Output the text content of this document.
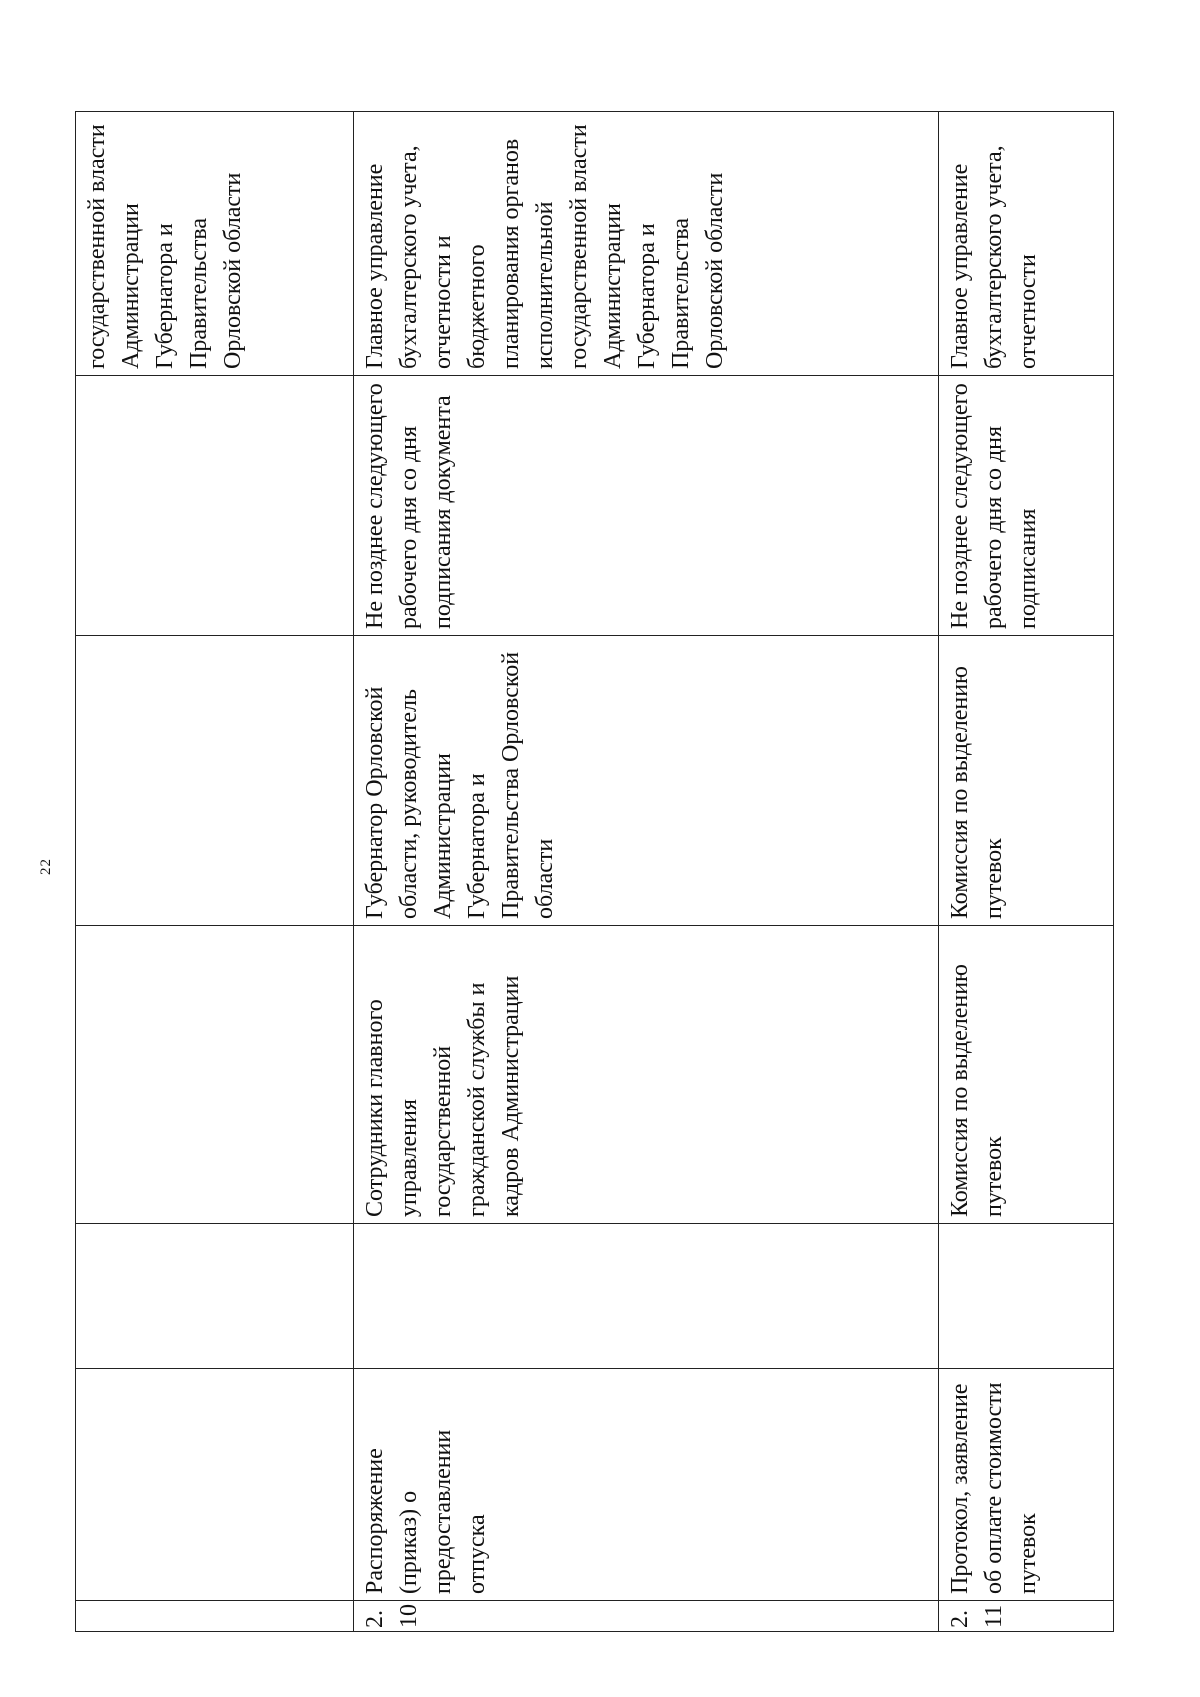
22
						государственной власти Администрации Губернатора и Правительства Орловской области
2.10	Распоряжение (приказ) о предоставлении отпуска		Сотрудники главного управления государственной гражданской службы и кадров Администрации	Губернатор Орловской области, руководитель Администрации Губернатора и Правительства Орловской области	Не позднее следующего рабочего дня со дня подписания документа	Главное управление бухгалтерского учета, отчетности и бюджетного планирования органов исполнительной государственной власти Администрации Губернатора и Правительства Орловской области
2.11	Протокол, заявление об оплате стоимости путевок		Комиссия по выделению путевок	Комиссия по выделению путевок	Не позднее следующего рабочего дня со дня подписания	Главное управление бухгалтерского учета, отчетности
